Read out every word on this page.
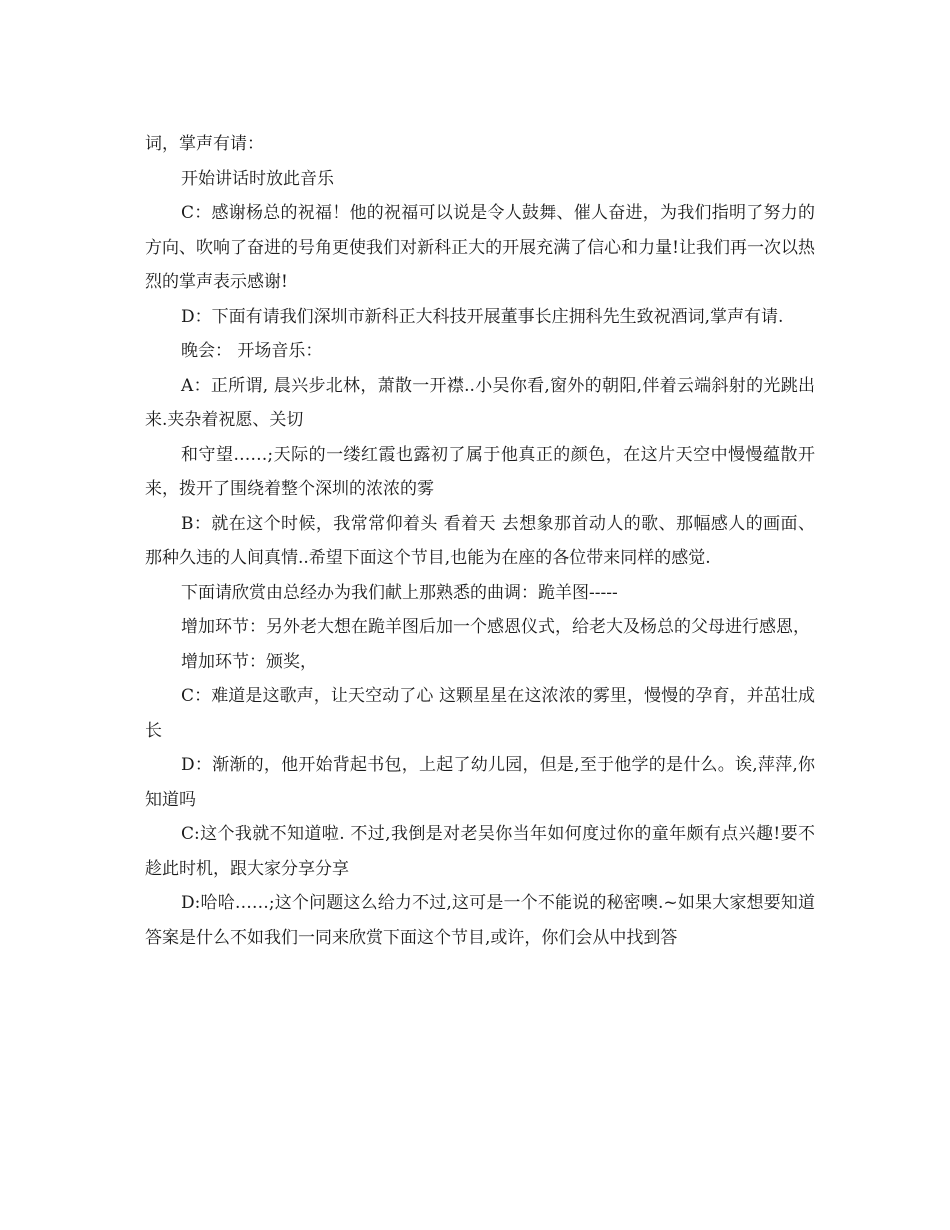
词，掌声有请：

开始讲话时放此音乐

C：感谢杨总的祝福！他的祝福可以说是令人鼓舞、催人奋进，为我们指明了努力的方向、吹响了奋进的号角更使我们对新科正大的开展充满了信心和力量!让我们再一次以热烈的掌声表示感谢!

D：下面有请我们深圳市新科正大科技开展董事长庄拥科先生致祝酒词,掌声有请.

晚会： 开场音乐：

A：正所谓, 晨兴步北林，萧散一开襟..小吴你看,窗外的朝阳,伴着云端斜射的光跳出来.夹杂着祝愿、关切

和守望……;天际的一缕红霞也露初了属于他真正的颜色，在这片天空中慢慢蕴散开来，拨开了围绕着整个深圳的浓浓的雾

B：就在这个时候，我常常仰着头 看着天 去想象那首动人的歌、那幅感人的画面、那种久违的人间真情..希望下面这个节目,也能为在座的各位带来同样的感觉.

下面请欣赏由总经办为我们献上那熟悉的曲调：跪羊图-----

增加环节：另外老大想在跪羊图后加一个感恩仪式，给老大及杨总的父母进行感恩，

增加环节：颁奖，

C：难道是这歌声，让天空动了心 这颗星星在这浓浓的雾里，慢慢的孕育，并茁壮成长

D：渐渐的，他开始背起书包，上起了幼儿园，但是,至于他学的是什么。诶,萍萍,你知道吗

C:这个我就不知道啦. 不过,我倒是对老吴你当年如何度过你的童年颇有点兴趣!要不趁此时机，跟大家分享分享

D:哈哈……;这个问题这么给力不过,这可是一个不能说的秘密噢.~如果大家想要知道答案是什么不如我们一同来欣赏下面这个节目,或许，你们会从中找到答
